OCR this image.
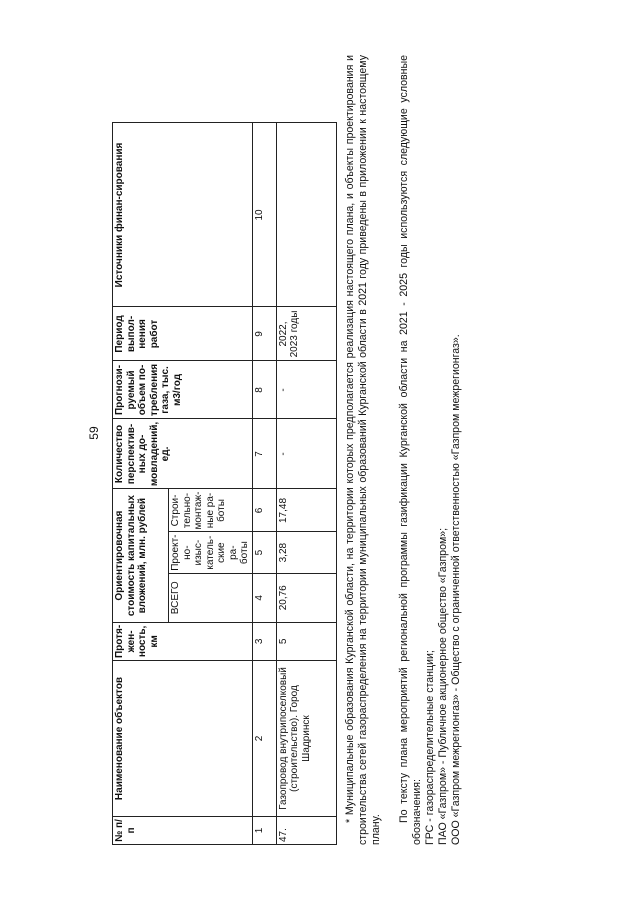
59
№ п/п	Наименование объектов	Протя-жен-ность, км	Ориентировочная стоимость капитальных вложений, млн. рублей			Количество перспектив-ных до-мовладений, ед.	Прогнози-руемый объем по-требления газа, тыс. м3/год	Период выпол-нения работ	Источники финан-сирования
			ВСЕГО	Проект-но-изыс-катель-ские ра-боты	Строи-тельно-монтаж-ные ра-боты				
1	2	3	4	5	6	7	8	9	10
47.	Газопровод внутрипоселковый (строительство). Город Шадринск	5	20,76	3,28	17,48	-	-	2022, 2023 годы		* Муниципальные образования Курганской области, на территории которых предполагается реализация настоящего плана, и объекты проектирования и строительства сетей газораспределения на территории муниципальных образований Курганской области в 2021 году приведены в приложении к настоящему плану.

По тексту плана мероприятий региональной программы газификации Курганской области на 2021 - 2025 годы используются следующие условные обозначения: ГРС - газораспределительные станции; ПАО «Газпром» - Публичное акционерное общество «Газпром»; ООО «Газпром межрегионгаз» - Общество с ограниченной ответственностью «Газпром межрегионгаз».
